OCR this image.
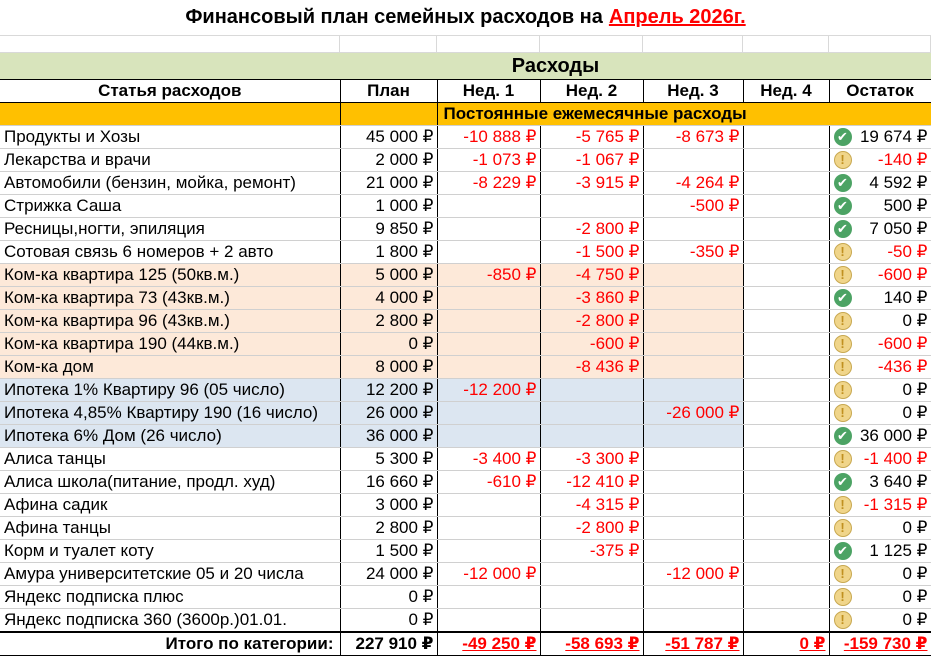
Финансовый план семейных расходов на Апрель 2026г.
Расходы
Статья расходов	План	Нед. 1	Нед. 2	Нед. 3	Нед. 4	Остаток
		Постоянные ежемесячные расходы				
Продукты и Хозы	45 000 ₽	-10 888 ₽	-5 765 ₽	-8 673 ₽		✔ 19 674 ₽
Лекарства и врачи	2 000 ₽	-1 073 ₽	-1 067 ₽			! -140 ₽
Автомобили (бензин, мойка, ремонт)	21 000 ₽	-8 229 ₽	-3 915 ₽	-4 264 ₽		✔ 4 592 ₽
Стрижка Саша	1 000 ₽			-500 ₽		✔ 500 ₽
Ресницы,ногти, эпиляция	9 850 ₽		-2 800 ₽			✔ 7 050 ₽
Сотовая связь 6 номеров + 2 авто	1 800 ₽		-1 500 ₽	-350 ₽		! -50 ₽
Ком-ка квартира 125 (50кв.м.)	5 000 ₽	-850 ₽	-4 750 ₽			! -600 ₽
Ком-ка квартира 73 (43кв.м.)	4 000 ₽		-3 860 ₽			✔ 140 ₽
Ком-ка квартира 96 (43кв.м.)	2 800 ₽		-2 800 ₽			! 0 ₽
Ком-ка квартира 190 (44кв.м.)	0 ₽		-600 ₽			! -600 ₽
Ком-ка дом	8 000 ₽		-8 436 ₽			! -436 ₽
Ипотека 1% Квартиру 96 (05 число)	12 200 ₽	-12 200 ₽				! 0 ₽
Ипотека 4,85% Квартиру 190 (16 число)	26 000 ₽			-26 000 ₽		! 0 ₽
Ипотека 6% Дом (26 число)	36 000 ₽					✔ 36 000 ₽
Алиса танцы	5 300 ₽	-3 400 ₽	-3 300 ₽			! -1 400 ₽
Алиса школа(питание, продл. худ)	16 660 ₽	-610 ₽	-12 410 ₽			✔ 3 640 ₽
Афина садик	3 000 ₽		-4 315 ₽			! -1 315 ₽
Афина танцы	2 800 ₽		-2 800 ₽			! 0 ₽
Корм и туалет коту	1 500 ₽		-375 ₽			✔ 1 125 ₽
Амура университетские 05 и 20 числа	24 000 ₽	-12 000 ₽		-12 000 ₽		! 0 ₽
Яндекс подписка плюс	0 ₽					! 0 ₽
Яндекс подписка 360 (3600р.)01.01.	0 ₽					! 0 ₽
Итого по категории:	227 910 ₽	-49 250 ₽	-58 693 ₽	-51 787 ₽	0 ₽	-159 730 ₽
